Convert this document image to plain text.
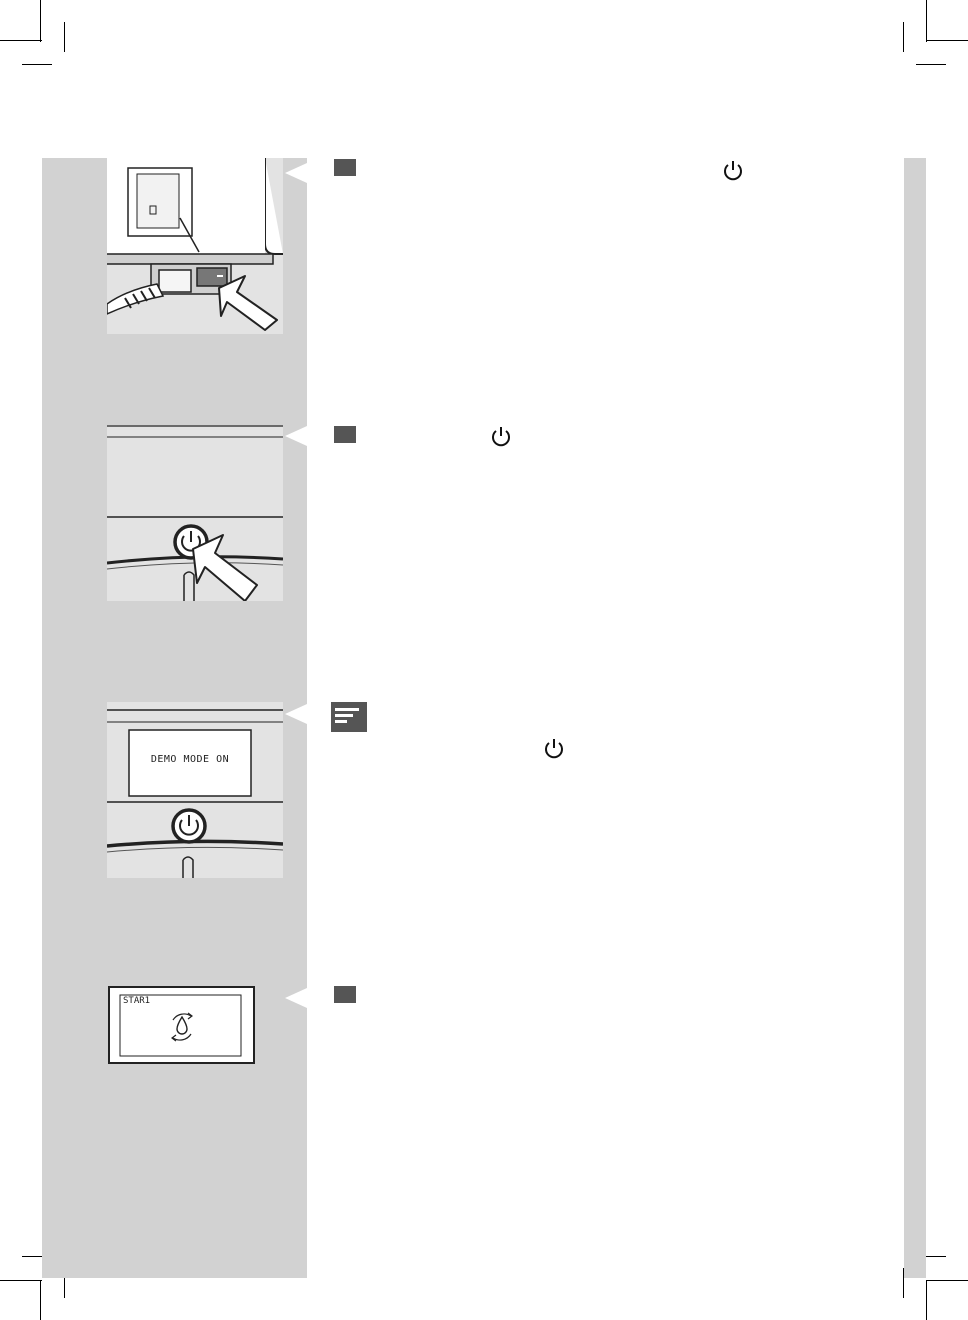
DEMO MODE ON
STAR1
